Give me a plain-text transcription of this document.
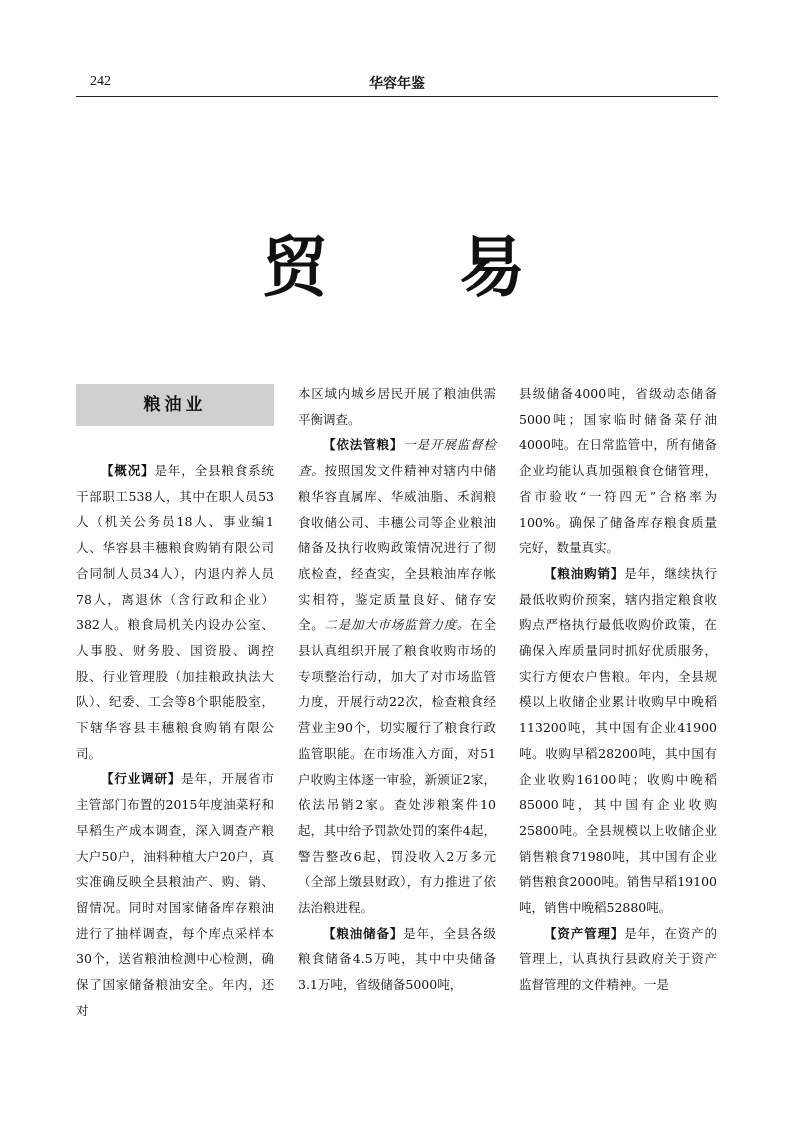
242	华容年鉴
贸 易
粮油业

【概况】是年，全县粮食系统干部职工538人，其中在职人员53人（机关公务员18人、事业编1人、华容县丰穗粮食购销有限公司合同制人员34人），内退内养人员78人，离退休（含行政和企业）382人。粮食局机关内设办公室、人事股、财务股、国资股、调控股、行业管理股（加挂粮政执法大队）、纪委、工会等8个职能股室，下辖华容县丰穗粮食购销有限公司。

【行业调研】是年，开展省市主管部门布置的2015年度油菜籽和早稻生产成本调查，深入调查产粮大户50户，油料种植大户20户，真实准确反映全县粮油产、购、销、留情况。同时对国家储备库存粮油进行了抽样调查，每个库点采样本30个，送省粮油检测中心检测，确保了国家储备粮油安全。年内，还对

本区域内城乡居民开展了粮油供需平衡调查。

【依法管粮】一是开展监督检查。按照国发文件精神对辖内中储粮华容直属库、华威油脂、禾润粮食收储公司、丰穗公司等企业粮油储备及执行收购政策情况进行了彻底检查，经查实，全县粮油库存帐实相符，鉴定质量良好、储存安全。二是加大市场监管力度。在全县认真组织开展了粮食收购市场的专项整治行动，加大了对市场监管力度，开展行动22次，检查粮食经营业主90个，切实履行了粮食行政监管职能。在市场准入方面，对51户收购主体逐一审验，新颁证2家，依法吊销2家。查处涉粮案件10起，其中给予罚款处罚的案件4起，警告整改6起，罚没收入2万多元（全部上缴县财政），有力推进了依法治粮进程。

【粮油储备】是年，全县各级粮食储备4.5万吨，其中中央储备3.1万吨，省级储备5000吨，

县级储备4000吨，省级动态储备5000吨；国家临时储备菜仔油4000吨。在日常监管中，所有储备企业均能认真加强粮食仓储管理，省市验收“一符四无”合格率为100%。确保了储备库存粮食质量完好，数量真实。

【粮油购销】是年，继续执行最低收购价预案，辖内指定粮食收购点严格执行最低收购价政策，在确保入库质量同时抓好优质服务，实行方便农户售粮。年内，全县规模以上收储企业累计收购早中晚稻113200吨，其中国有企业41900吨。收购早稻28200吨，其中国有企业收购16100吨；收购中晚稻85000吨，其中国有企业收购25800吨。全县规模以上收储企业销售粮食71980吨，其中国有企业销售粮食2000吨。销售早稻19100吨，销售中晚稻52880吨。

【资产管理】是年，在资产的管理上，认真执行县政府关于资产监督管理的文件精神。一是
